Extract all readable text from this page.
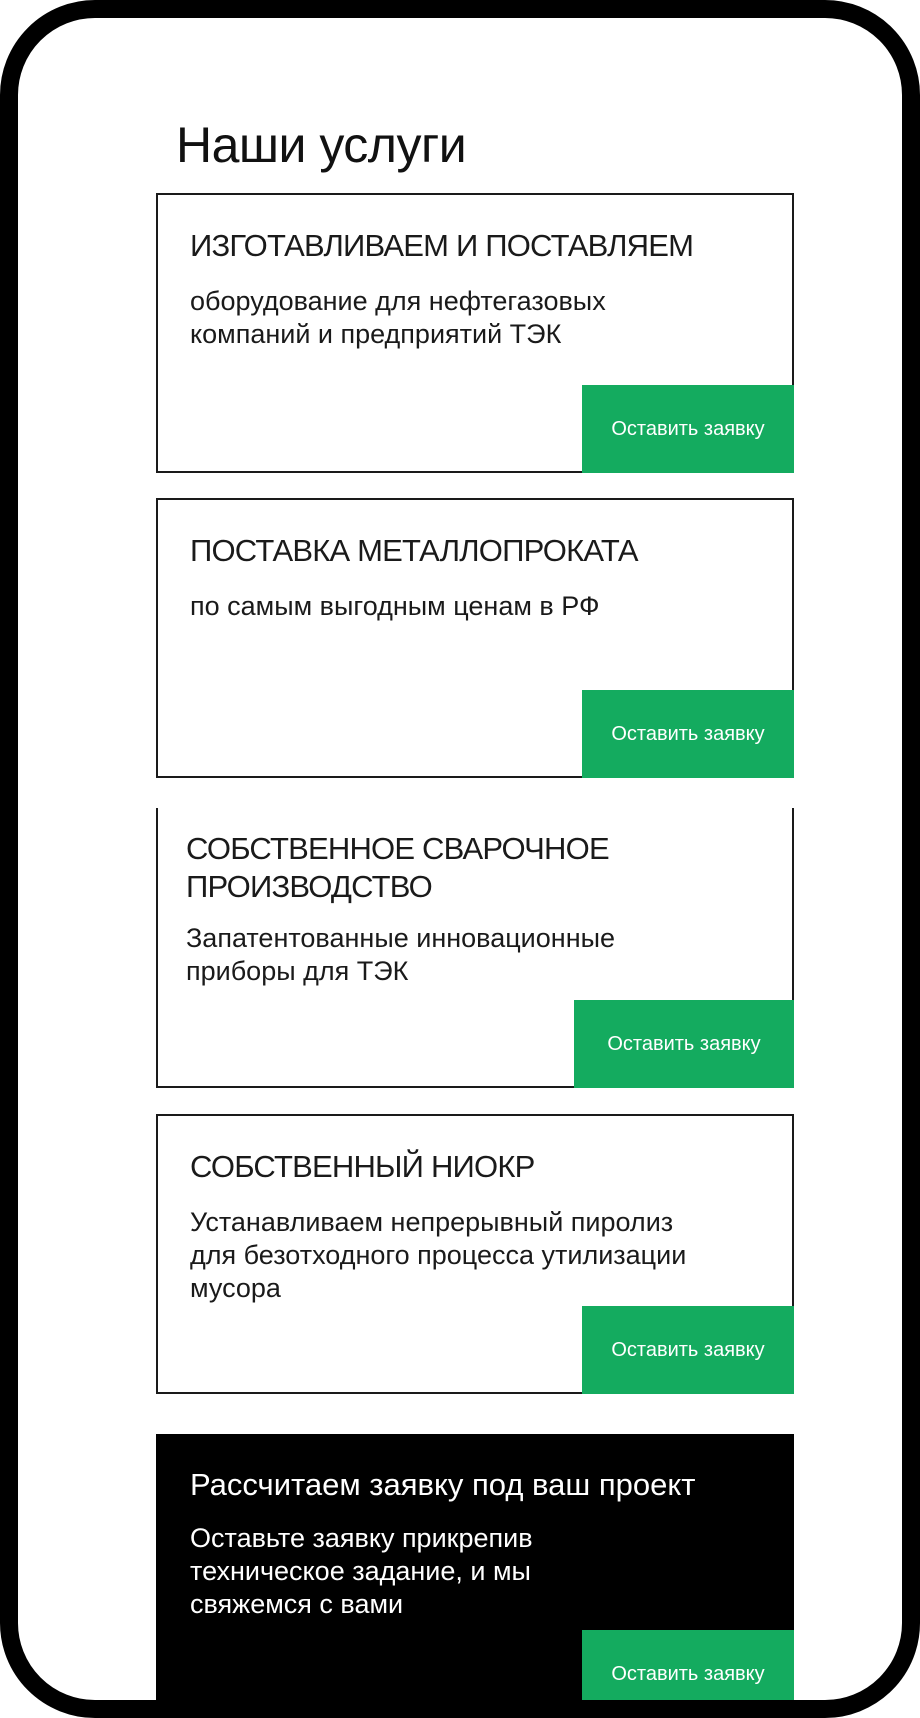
Наши услуги
ИЗГОТАВЛИВАЕМ И ПОСТАВЛЯЕМ

оборудование для нефтегазовых
компаний и предприятий ТЭК

Оставить заявку
ПОСТАВКА МЕТАЛЛОПРОКАТА

по самым выгодным ценам в РФ

Оставить заявку
СОБСТВЕННОЕ СВАРОЧНОЕ ПРОИЗВОДСТВО

Запатентованные инновационные
приборы для ТЭК

Оставить заявку
СОБСТВЕННЫЙ НИОКР

Устанавливаем непрерывный пиролиз
для безотходного процесса утилизации
мусора

Оставить заявку
Рассчитаем заявку под ваш проект

Оставьте заявку прикрепив
техническое задание, и мы
свяжемся с вами

Оставить заявку
